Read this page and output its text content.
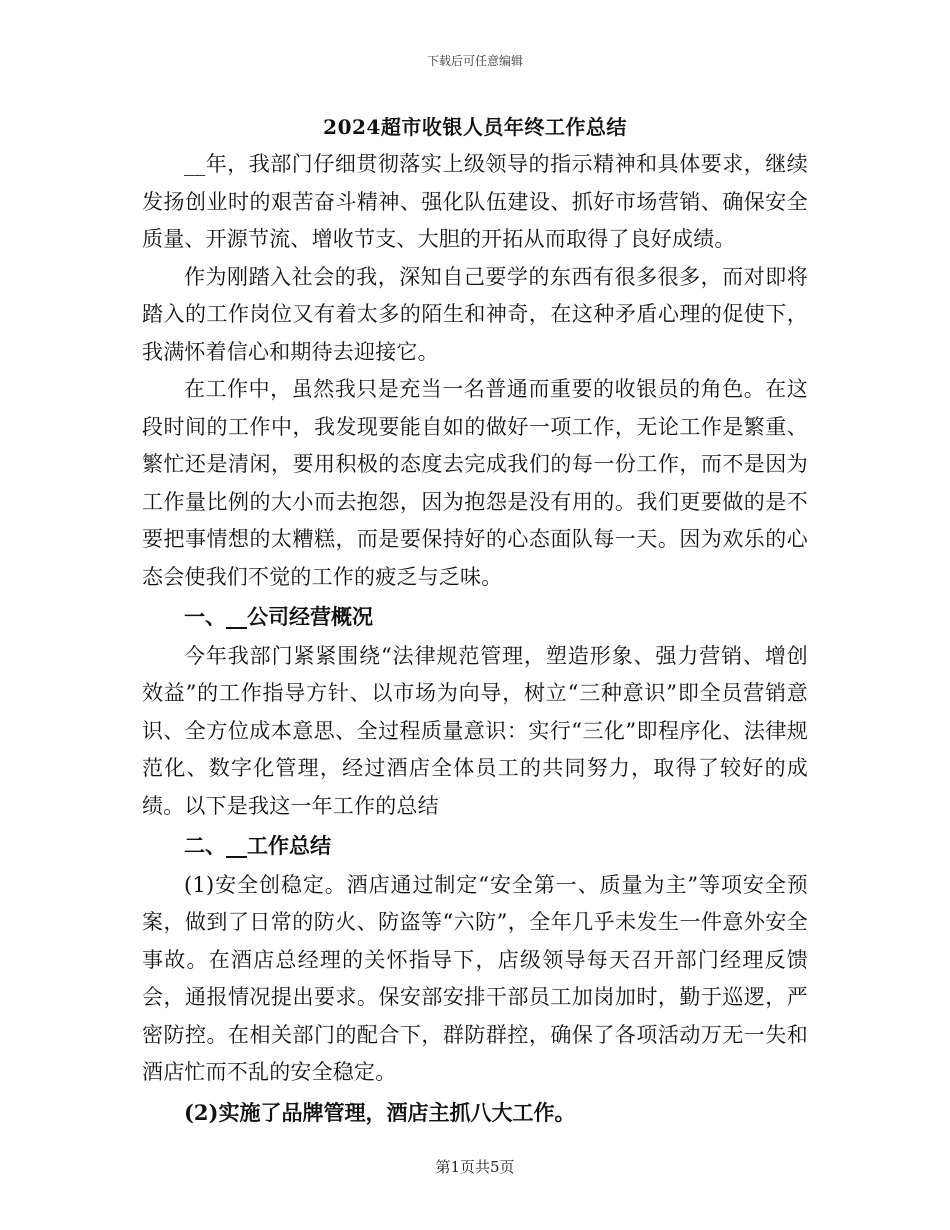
下载后可任意编辑
2024超市收银人员年终工作总结

__年，我部门仔细贯彻落实上级领导的指示精神和具体要求，继续发扬创业时的艰苦奋斗精神、强化队伍建设、抓好市场营销、确保安全质量、开源节流、增收节支、大胆的开拓从而取得了良好成绩。

作为刚踏入社会的我，深知自己要学的东西有很多很多，而对即将踏入的工作岗位又有着太多的陌生和神奇，在这种矛盾心理的促使下，我满怀着信心和期待去迎接它。

在工作中，虽然我只是充当一名普通而重要的收银员的角色。在这段时间的工作中，我发现要能自如的做好一项工作，无论工作是繁重、繁忙还是清闲，要用积极的态度去完成我们的每一份工作，而不是因为工作量比例的大小而去抱怨，因为抱怨是没有用的。我们更要做的是不要把事情想的太糟糕，而是要保持好的心态面队每一天。因为欢乐的心态会使我们不觉的工作的疲乏与乏味。

一、__公司经营概况

今年我部门紧紧围绕“法律规范管理，塑造形象、强力营销、增创效益”的工作指导方针、以市场为向导，树立“三种意识”即全员营销意识、全方位成本意思、全过程质量意识：实行“三化”即程序化、法律规范化、数字化管理，经过酒店全体员工的共同努力，取得了较好的成绩。以下是我这一年工作的总结

二、__工作总结

(1)安全创稳定。酒店通过制定“安全第一、质量为主”等项安全预案，做到了日常的防火、防盗等“六防”，全年几乎未发生一件意外安全事故。在酒店总经理的关怀指导下，店级领导每天召开部门经理反馈会，通报情况提出要求。保安部安排干部员工加岗加时，勤于巡逻，严密防控。在相关部门的配合下，群防群控，确保了各项活动万无一失和酒店忙而不乱的安全稳定。

(2)实施了品牌管理，酒店主抓八大工作。
第1页共5页
